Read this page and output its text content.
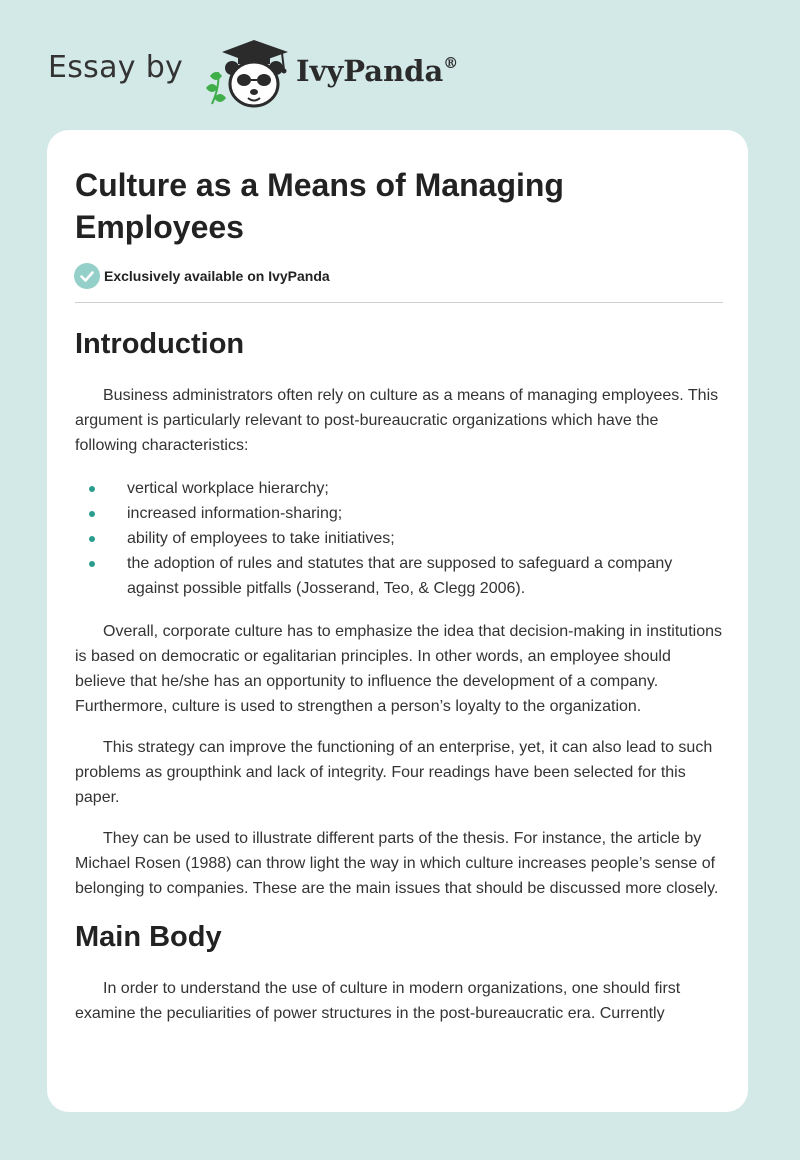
Essay by	IvyPanda®
Culture as a Means of Managing Employees
Exclusively available on IvyPanda
Introduction

Business administrators often rely on culture as a means of managing employees. This argument is particularly relevant to post-bureaucratic organizations which have the following characteristics:

vertical workplace hierarchy;
increased information-sharing;
ability of employees to take initiatives;
the adoption of rules and statutes that are supposed to safeguard a company against possible pitfalls (Josserand, Teo, & Clegg 2006).

Overall, corporate culture has to emphasize the idea that decision-making in institutions is based on democratic or egalitarian principles. In other words, an employee should believe that he/she has an opportunity to influence the development of a company. Furthermore, culture is used to strengthen a person’s loyalty to the organization.

This strategy can improve the functioning of an enterprise, yet, it can also lead to such problems as groupthink and lack of integrity. Four readings have been selected for this paper.

They can be used to illustrate different parts of the thesis. For instance, the article by Michael Rosen (1988) can throw light the way in which culture increases people’s sense of belonging to companies. These are the main issues that should be discussed more closely.

Main Body

In order to understand the use of culture in modern organizations, one should first examine the peculiarities of power structures in the post-bureaucratic era. Currently
